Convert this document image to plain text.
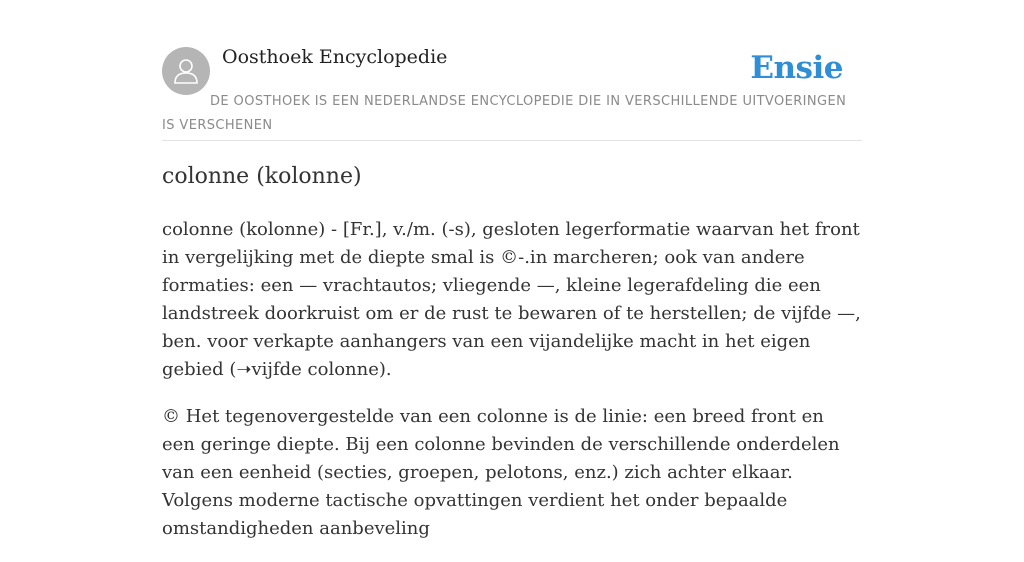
Oosthoek Encyclopedie	Ensie
DE OOSTHOEK IS EEN NEDERLANDSE ENCYCLOPEDIE DIE IN VERSCHILLENDE UITVOERINGEN IS VERSCHENEN
colonne (kolonne)

colonne (kolonne) - [Fr.], v./m. (-s), gesloten legerformatie waarvan het front in vergelijking met de diepte smal is ©-.in marcheren; ook van andere formaties: een — vrachtautos; vliegende —, kleine legerafdeling die een landstreek doorkruist om er de rust te bewaren of te herstellen; de vijfde —, ben. voor verkapte aanhangers van een vijandelijke macht in het eigen gebied (➝vijfde colonne).

© Het tegenovergestelde van een colonne is de linie: een breed front en een geringe diepte. Bij een colonne bevinden de verschillende onderdelen van een eenheid (secties, groepen, pelotons, enz.) zich achter elkaar. Volgens moderne tactische opvattingen verdient het onder bepaalde omstandigheden aanbeveling
